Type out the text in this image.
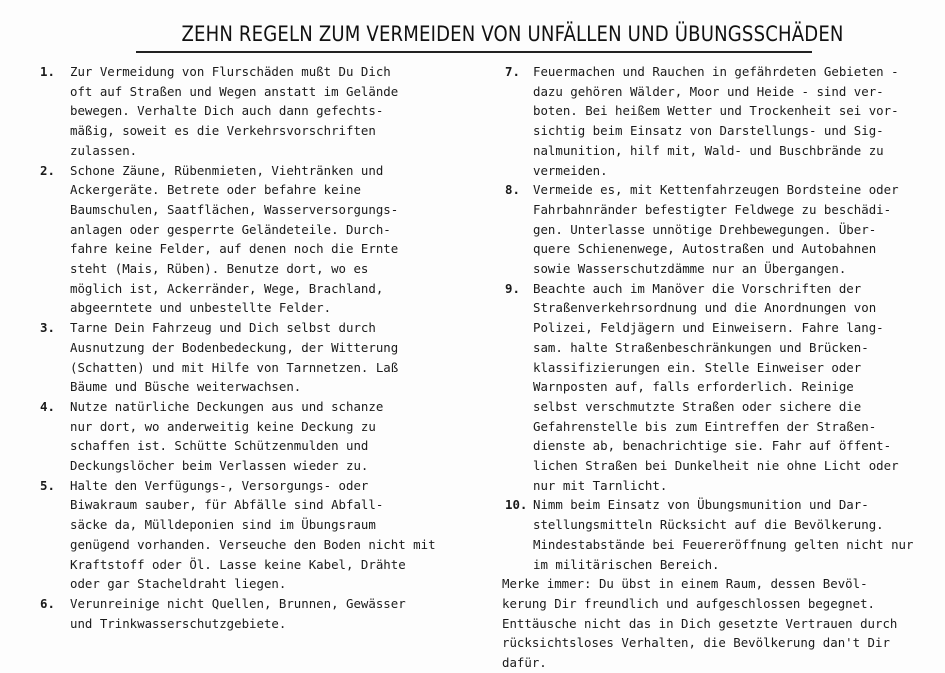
ZEHN REGELN ZUM VERMEIDEN VON UNFÄLLEN UND ÜBUNGSSCHÄDEN
1. Zur Vermeidung von Flurschäden mußt Du Dich
oft auf Straßen und Wegen anstatt im Gelände
bewegen. Verhalte Dich auch dann gefechts-
mäßig, soweit es die Verkehrsvorschriften
zulassen.
2. Schone Zäune, Rübenmieten, Viehtränken und
Ackergeräte. Betrete oder befahre keine
Baumschulen, Saatflächen, Wasserversorgungs-
anlagen oder gesperrte Geländeteile. Durch-
fahre keine Felder, auf denen noch die Ernte
steht (Mais, Rüben). Benutze dort, wo es
möglich ist, Ackerränder, Wege, Brachland,
abgeerntete und unbestellte Felder.
3. Tarne Dein Fahrzeug und Dich selbst durch
Ausnutzung der Bodenbedeckung, der Witterung
(Schatten) und mit Hilfe von Tarnnetzen. Laß
Bäume und Büsche weiterwachsen.
4. Nutze natürliche Deckungen aus und schanze
nur dort, wo anderweitig keine Deckung zu
schaffen ist. Schütte Schützenmulden und
Deckungslöcher beim Verlassen wieder zu.
5. Halte den Verfügungs-, Versorgungs- oder
Biwakraum sauber, für Abfälle sind Abfall-
säcke da, Mülldeponien sind im Übungsraum
genügend vorhanden. Verseuche den Boden nicht mit
Kraftstoff oder Öl. Lasse keine Kabel, Drähte
oder gar Stacheldraht liegen.
6. Verunreinige nicht Quellen, Brunnen, Gewässer
und Trinkwasserschutzgebiete.
7. Feuermachen und Rauchen in gefährdeten Gebieten -
dazu gehören Wälder, Moor und Heide - sind ver-
boten. Bei heißem Wetter und Trockenheit sei vor-
sichtig beim Einsatz von Darstellungs- und Sig-
nalmunition, hilf mit, Wald- und Buschbrände zu
vermeiden.
8. Vermeide es, mit Kettenfahrzeugen Bordsteine oder
Fahrbahnränder befestigter Feldwege zu beschädi-
gen. Unterlasse unnötige Drehbewegungen. Über-
quere Schienenwege, Autostraßen und Autobahnen
sowie Wasserschutzdämme nur an Übergangen.
9. Beachte auch im Manöver die Vorschriften der
Straßenverkehrsordnung und die Anordnungen von
Polizei, Feldjägern und Einweisern. Fahre lang-
sam. halte Straßenbeschränkungen und Brücken-
klassifizierungen ein. Stelle Einweiser oder
Warnposten auf, falls erforderlich. Reinige
selbst verschmutzte Straßen oder sichere die
Gefahrenstelle bis zum Eintreffen der Straßen-
dienste ab, benachrichtige sie. Fahr auf öffent-
lichen Straßen bei Dunkelheit nie ohne Licht oder
nur mit Tarnlicht.
10. Nimm beim Einsatz von Übungsmunition und Dar-
stellungsmitteln Rücksicht auf die Bevölkerung.
Mindestabstände bei Feuereröffnung gelten nicht nur
im militärischen Bereich.
Merke immer: Du übst in einem Raum, dessen Bevöl-
kerung Dir freundlich und aufgeschlossen begegnet.
Enttäusche nicht das in Dich gesetzte Vertrauen durch
rücksichtsloses Verhalten, die Bevölkerung dan't Dir
dafür.
